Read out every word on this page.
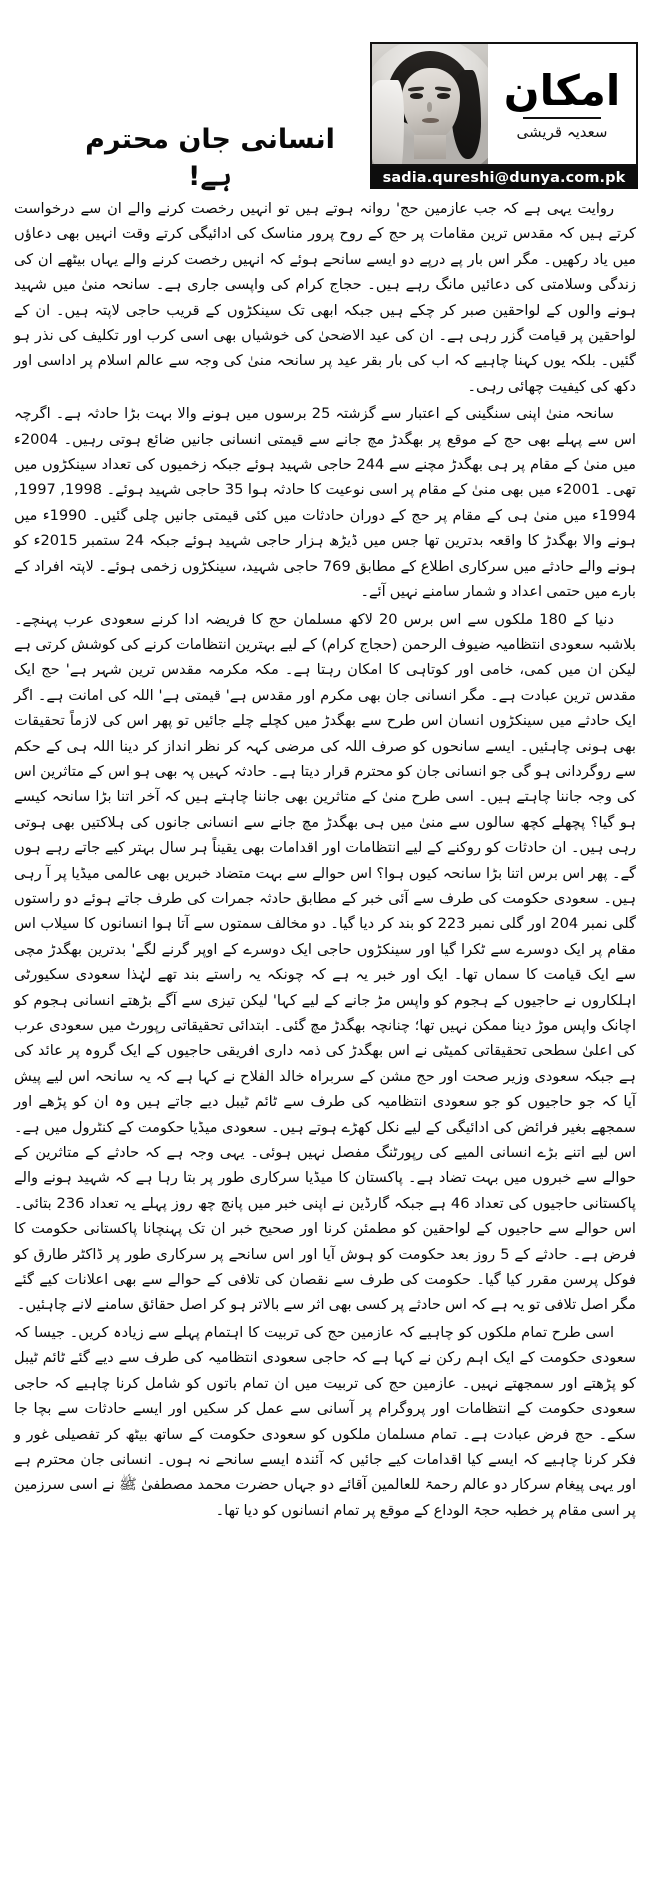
انسانی جان محترم ہے!
امکان
سعدیہ قریشی
sadia.qureshi@dunya.com.pk

روایت یہی ہے کہ جب عازمین حج' روانہ ہوتے ہیں تو انہیں رخصت کرنے والے ان سے درخواست کرتے ہیں کہ مقدس ترین مقامات پر حج کے روح پرور مناسک کی ادائیگی کرتے وقت انہیں بھی دعاؤں میں یاد رکھیں۔ مگر اس بار پے درپے دو ایسے سانحے ہوئے کہ انہیں رخصت کرنے والے یہاں بیٹھے ان کی زندگی وسلامتی کی دعائیں مانگ رہے ہیں۔ حجاج کرام کی واپسی جاری ہے۔ سانحہ منیٰ میں شہید ہونے والوں کے لواحقین صبر کر چکے ہیں جبکہ ابھی تک سینکڑوں کے قریب حاجی لاپتہ ہیں۔ ان کے لواحقین پر قیامت گزر رہی ہے۔ ان کی عید الاضحیٰ کی خوشیاں بھی اسی کرب اور تکلیف کی نذر ہو گئیں۔ بلکہ یوں کہنا چاہیے کہ اب کی بار بقر عید پر سانحہ منیٰ کی وجہ سے عالم اسلام پر اداسی اور دکھ کی کیفیت چھائی رہی۔

سانحہ منیٰ اپنی سنگینی کے اعتبار سے گزشتہ 25 برسوں میں ہونے والا بہت بڑا حادثہ ہے۔ اگرچہ اس سے پہلے بھی حج کے موقع پر بھگدڑ مچ جانے سے قیمتی انسانی جانیں ضائع ہوتی رہیں۔ 2004ء میں منیٰ کے مقام پر ہی بھگدڑ مچنے سے 244 حاجی شہید ہوئے جبکہ زخمیوں کی تعداد سینکڑوں میں تھی۔ 2001ء میں بھی منیٰ کے مقام پر اسی نوعیت کا حادثہ ہوا 35 حاجی شہید ہوئے۔ 1998, 1997, 1994ء میں منیٰ ہی کے مقام پر حج کے دوران حادثات میں کئی قیمتی جانیں چلی گئیں۔ 1990ء میں ہونے والا بھگدڑ کا واقعہ بدترین تھا جس میں ڈیڑھ ہزار حاجی شہید ہوئے جبکہ 24 ستمبر 2015ء کو ہونے والے حادثے میں سرکاری اطلاع کے مطابق 769 حاجی شہید، سینکڑوں زخمی ہوئے۔ لاپتہ افراد کے بارے میں حتمی اعداد و شمار سامنے نہیں آئے۔

دنیا کے 180 ملکوں سے اس برس 20 لاکھ مسلمان حج کا فریضہ ادا کرنے سعودی عرب پہنچے۔ بلاشبہ سعودی انتظامیہ ضیوف الرحمن (حجاج کرام) کے لیے بہترین انتظامات کرنے کی کوشش کرتی ہے لیکن ان میں کمی، خامی اور کوتاہی کا امکان رہتا ہے۔ مکہ مکرمہ مقدس ترین شہر ہے' حج ایک مقدس ترین عبادت ہے۔ مگر انسانی جان بھی مکرم اور مقدس ہے' قیمتی ہے' اللہ کی امانت ہے۔ اگر ایک حادثے میں سینکڑوں انسان اس طرح سے بھگدڑ میں کچلے چلے جائیں تو پھر اس کی لازماً تحقیقات بھی ہونی چاہئیں۔ ایسے سانحوں کو صرف اللہ کی مرضی کہہ کر نظر انداز کر دینا اللہ ہی کے حکم سے روگردانی ہو گی جو انسانی جان کو محترم قرار دیتا ہے۔ حادثہ کہیں پہ بھی ہو اس کے متاثرین اس کی وجہ جاننا چاہتے ہیں۔ اسی طرح منیٰ کے متاثرین بھی جاننا چاہتے ہیں کہ آخر اتنا بڑا سانحہ کیسے ہو گیا؟ پچھلے کچھ سالوں سے منیٰ میں ہی بھگدڑ مچ جانے سے انسانی جانوں کی ہلاکتیں بھی ہوتی رہی ہیں۔ ان حادثات کو روکنے کے لیے انتظامات اور اقدامات بھی یقیناً ہر سال بہتر کیے جاتے رہے ہوں گے۔ پھر اس برس اتنا بڑا سانحہ کیوں ہوا؟ اس حوالے سے بہت متضاد خبریں بھی عالمی میڈیا پر آ رہی ہیں۔ سعودی حکومت کی طرف سے آئی خبر کے مطابق حادثہ جمرات کی طرف جاتے ہوئے دو راستوں گلی نمبر 204 اور گلی نمبر 223 کو بند کر دیا گیا۔ دو مخالف سمتوں سے آتا ہوا انسانوں کا سیلاب اس مقام پر ایک دوسرے سے ٹکرا گیا اور سینکڑوں حاجی ایک دوسرے کے اوپر گرنے لگے' بدترین بھگدڑ مچی سے ایک قیامت کا سماں تھا۔ ایک اور خبر یہ ہے کہ چونکہ یہ راستے بند تھے لہٰذا سعودی سکیورٹی اہلکاروں نے حاجیوں کے ہجوم کو واپس مڑ جانے کے لیے کہا' لیکن تیزی سے آگے بڑھتے انسانی ہجوم کو اچانک واپس موڑ دینا ممکن نہیں تھا؛ چنانچہ بھگدڑ مچ گئی۔ ابتدائی تحقیقاتی رپورٹ میں سعودی عرب کی اعلیٰ سطحی تحقیقاتی کمیٹی نے اس بھگدڑ کی ذمہ داری افریقی حاجیوں کے ایک گروہ پر عائد کی ہے جبکہ سعودی وزیر صحت اور حج مشن کے سربراہ خالد الفلاح نے کہا ہے کہ یہ سانحہ اس لیے پیش آیا کہ جو حاجیوں کو جو سعودی انتظامیہ کی طرف سے ٹائم ٹیبل دیے جاتے ہیں وہ ان کو پڑھے اور سمجھے بغیر فرائض کی ادائیگی کے لیے نکل کھڑے ہوتے ہیں۔ سعودی میڈیا حکومت کے کنٹرول میں ہے۔ اس لیے اتنے بڑے انسانی المیے کی رپورٹنگ مفصل نہیں ہوئی۔ یہی وجہ ہے کہ حادثے کے متاثرین کے حوالے سے خبروں میں بہت تضاد ہے۔ پاکستان کا میڈیا سرکاری طور پر بتا رہا ہے کہ شہید ہونے والے پاکستانی حاجیوں کی تعداد 46 ہے جبکہ گارڈین نے اپنی خبر میں پانچ چھ روز پہلے یہ تعداد 236 بتائی۔ اس حوالے سے حاجیوں کے لواحقین کو مطمئن کرنا اور صحیح خبر ان تک پہنچانا پاکستانی حکومت کا فرض ہے۔ حادثے کے 5 روز بعد حکومت کو ہوش آیا اور اس سانحے پر سرکاری طور پر ڈاکٹر طارق کو فوکل پرسن مقرر کیا گیا۔ حکومت کی طرف سے نقصان کی تلافی کے حوالے سے بھی اعلانات کیے گئے مگر اصل تلافی تو یہ ہے کہ اس حادثے پر کسی بھی اثر سے بالاتر ہو کر اصل حقائق سامنے لانے چاہئیں۔

اسی طرح تمام ملکوں کو چاہیے کہ عازمین حج کی تربیت کا اہتمام پہلے سے زیادہ کریں۔ جیسا کہ سعودی حکومت کے ایک اہم رکن نے کہا ہے کہ حاجی سعودی انتظامیہ کی طرف سے دیے گئے ٹائم ٹیبل کو پڑھتے اور سمجھتے نہیں۔ عازمین حج کی تربیت میں ان تمام باتوں کو شامل کرنا چاہیے کہ حاجی سعودی حکومت کے انتظامات اور پروگرام پر آسانی سے عمل کر سکیں اور ایسے حادثات سے بچا جا سکے۔ حج فرض عبادت ہے۔ تمام مسلمان ملکوں کو سعودی حکومت کے ساتھ بیٹھ کر تفصیلی غور و فکر کرنا چاہیے کہ ایسے کیا اقدامات کیے جائیں کہ آئندہ ایسے سانحے نہ ہوں۔ انسانی جان محترم ہے اور یہی پیغام سرکار دو عالم رحمۃ للعالمین آقائے دو جہاں حضرت محمد مصطفیٰ ﷺ نے اسی سرزمین پر اسی مقام پر خطبہ حجۃ الوداع کے موقع پر تمام انسانوں کو دیا تھا۔
